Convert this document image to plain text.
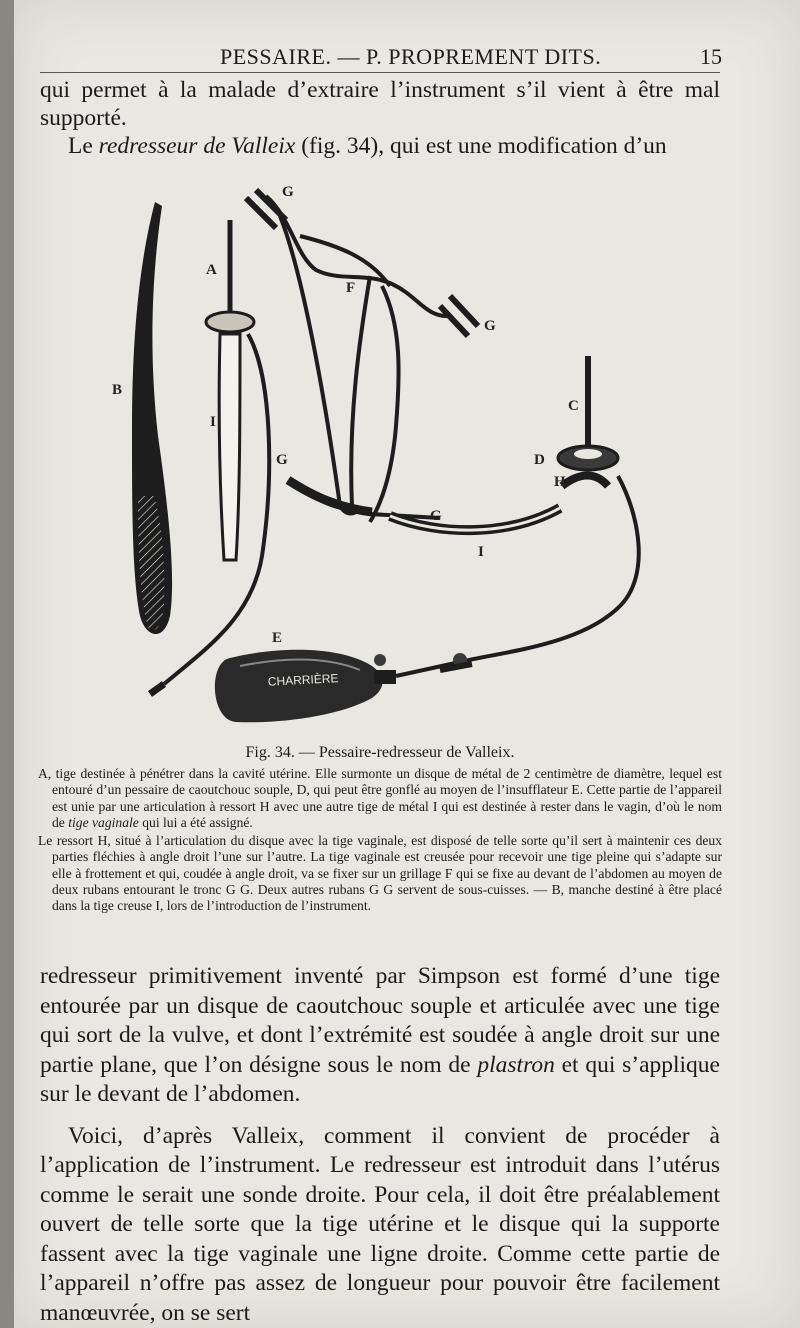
PESSAIRE. — P. PROPREMENT DITS.	15

qui permet à la malade d’extraire l’instrument s’il vient à être mal supporté.

Le redresseur de Valleix (fig. 34), qui est une modification d’un

CHARRIÈRE
A
B
I
F
G
G
G
G
C
D
H
I
E
Fig. 34. — Pessaire-redresseur de Valleix.

A, tige destinée à pénétrer dans la cavité utérine. Elle surmonte un disque de métal de 2 centimètre de diamètre, lequel est entouré d’un pessaire de caoutchouc souple, D, qui peut être gonflé au moyen de l’insufflateur E. Cette partie de l’appareil est unie par une articulation à ressort H avec une autre tige de métal I qui est destinée à rester dans le vagin, d’où le nom de tige vaginale qui lui a été assigné.

Le ressort H, situé à l’articulation du disque avec la tige vaginale, est disposé de telle sorte qu’il sert à maintenir ces deux parties fléchies à angle droit l’une sur l’autre. La tige vaginale est creusée pour recevoir une tige pleine qui s’adapte sur elle à frottement et qui, coudée à angle droit, va se fixer sur un grillage F qui se fixe au devant de l’abdomen au moyen de deux rubans entourant le tronc G G. Deux autres rubans G G servent de sous-cuisses. — B, manche destiné à être placé dans la tige creuse I, lors de l’introduction de l’instrument.

redresseur primitivement inventé par Simpson est formé d’une tige entourée par un disque de caoutchouc souple et articulée avec une tige qui sort de la vulve, et dont l’extrémité est soudée à angle droit sur une partie plane, que l’on désigne sous le nom de plastron et qui s’applique sur le devant de l’abdomen.

Voici, d’après Valleix, comment il convient de procéder à l’application de l’instrument. Le redresseur est introduit dans l’utérus comme le serait une sonde droite. Pour cela, il doit être préalablement ouvert de telle sorte que la tige utérine et le disque qui la supporte fassent avec la tige vaginale une ligne droite. Comme cette partie de l’appareil n’offre pas assez de longueur pour pouvoir être facilement manœuvrée, on se sert
